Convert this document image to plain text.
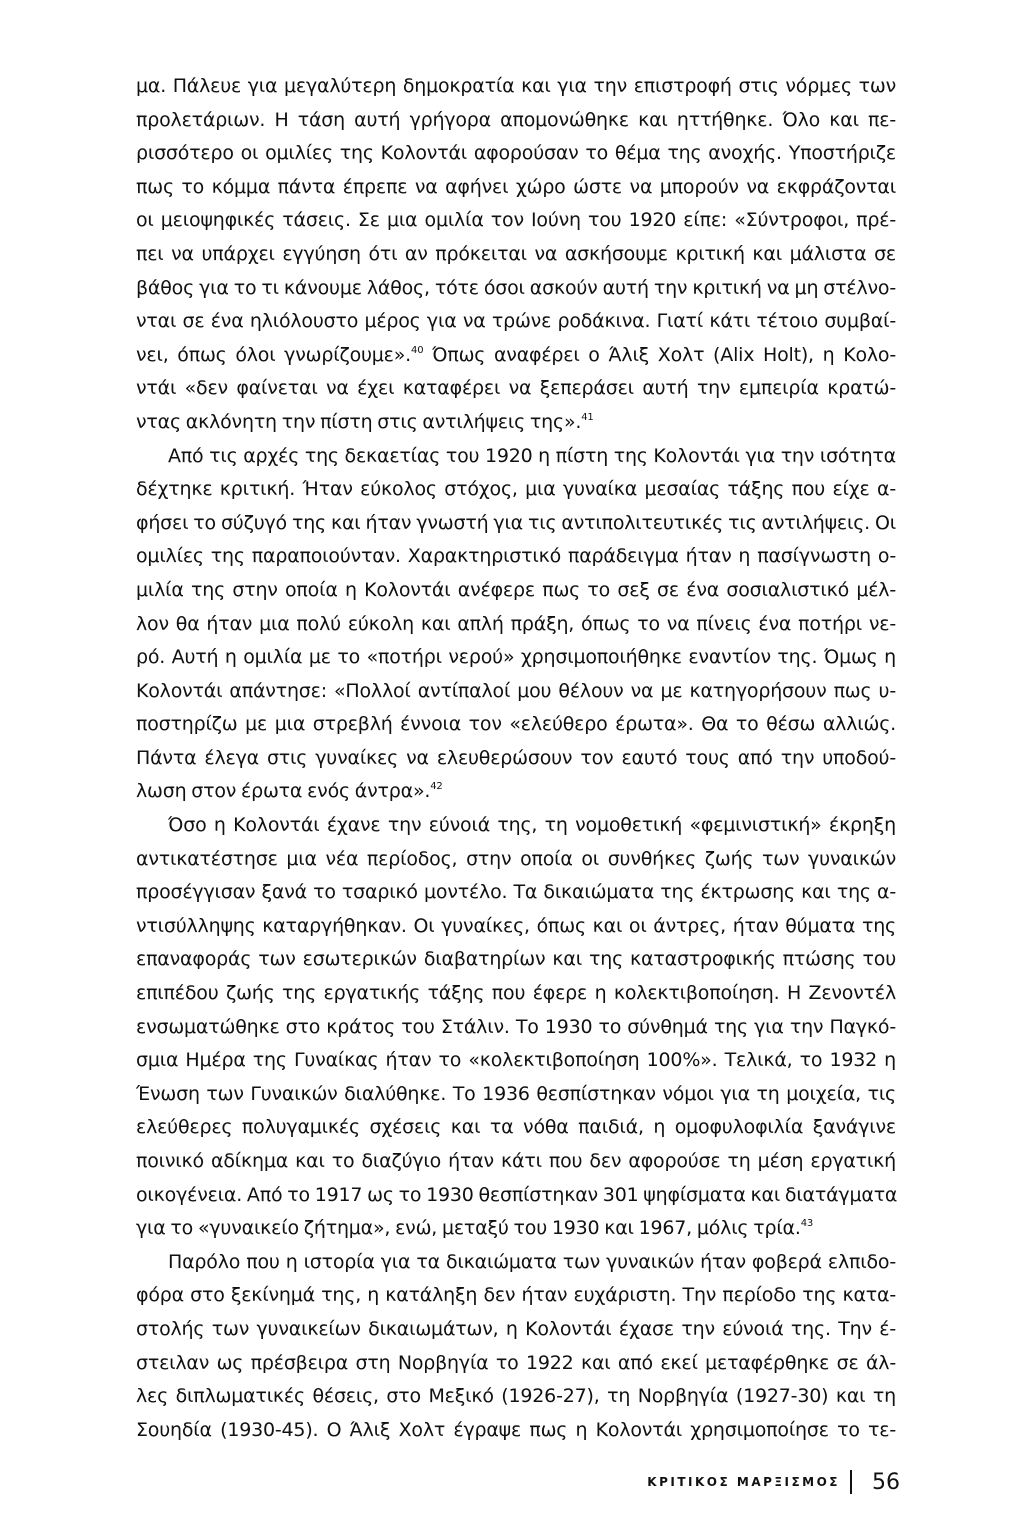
μα. Πάλευε για μεγαλύτερη δημοκρατία και για την επιστροφή στις νόρμες των
προλετάριων. Η τάση αυτή γρήγορα απομονώθηκε και ηττήθηκε. Όλο και πε-
ρισσότερο οι ομιλίες της Κολοντάι αφορούσαν το θέμα της ανοχής. Υποστήριζε
πως το κόμμα πάντα έπρεπε να αφήνει χώρο ώστε να μπορούν να εκφράζονται
οι μειοψηφικές τάσεις. Σε μια ομιλία τον Ιούνη του 1920 είπε: «Σύντροφοι, πρέ-
πει να υπάρχει εγγύηση ότι αν πρόκειται να ασκήσουμε κριτική και μάλιστα σε
βάθος για το τι κάνουμε λάθος, τότε όσοι ασκούν αυτή την κριτική να μη στέλνο-
νται σε ένα ηλιόλουστο μέρος για να τρώνε ροδάκινα. Γιατί κάτι τέτοιο συμβαί-
νει, όπως όλοι γνωρίζουμε».$^{40}$ Όπως αναφέρει ο Άλιξ Χολτ (Alix Holt), η Κολο-
ντάι «δεν φαίνεται να έχει καταφέρει να ξεπεράσει αυτή την εμπειρία κρατώ-
ντας ακλόνητη την πίστη στις αντιλήψεις της».$^{41}$
Από τις αρχές της δεκαετίας του 1920 η πίστη της Κολοντάι για την ισότητα
δέχτηκε κριτική. Ήταν εύκολος στόχος, μια γυναίκα μεσαίας τάξης που είχε α-
φήσει το σύζυγό της και ήταν γνωστή για τις αντιπολιτευτικές τις αντιλήψεις. Οι
ομιλίες της παραποιούνταν. Χαρακτηριστικό παράδειγμα ήταν η πασίγνωστη ο-
μιλία της στην οποία η Κολοντάι ανέφερε πως το σεξ σε ένα σοσιαλιστικό μέλ-
λον θα ήταν μια πολύ εύκολη και απλή πράξη, όπως το να πίνεις ένα ποτήρι νε-
ρό. Αυτή η ομιλία με το «ποτήρι νερού» χρησιμοποιήθηκε εναντίον της. Όμως η
Κολοντάι απάντησε: «Πολλοί αντίπαλοί μου θέλουν να με κατηγορήσουν πως υ-
ποστηρίζω με μια στρεβλή έννοια τον «ελεύθερο έρωτα». Θα το θέσω αλλιώς.
Πάντα έλεγα στις γυναίκες να ελευθερώσουν τον εαυτό τους από την υποδού-
λωση στον έρωτα ενός άντρα».$^{42}$
Όσο η Κολοντάι έχανε την εύνοιά της, τη νομοθετική «φεμινιστική» έκρηξη
αντικατέστησε μια νέα περίοδος, στην οποία οι συνθήκες ζωής των γυναικών
προσέγγισαν ξανά το τσαρικό μοντέλο. Τα δικαιώματα της έκτρωσης και της α-
ντισύλληψης καταργήθηκαν. Οι γυναίκες, όπως και οι άντρες, ήταν θύματα της
επαναφοράς των εσωτερικών διαβατηρίων και της καταστροφικής πτώσης του
επιπέδου ζωής της εργατικής τάξης που έφερε η κολεκτιβοποίηση. Η Ζενοντέλ
ενσωματώθηκε στο κράτος του Στάλιν. Το 1930 το σύνθημά της για την Παγκό-
σμια Ημέρα της Γυναίκας ήταν το «κολεκτιβοποίηση 100%». Τελικά, το 1932 η
Ένωση των Γυναικών διαλύθηκε. Το 1936 θεσπίστηκαν νόμοι για τη μοιχεία, τις
ελεύθερες πολυγαμικές σχέσεις και τα νόθα παιδιά, η ομοφυλοφιλία ξανάγινε
ποινικό αδίκημα και το διαζύγιο ήταν κάτι που δεν αφορούσε τη μέση εργατική
οικογένεια. Από το 1917 ως το 1930 θεσπίστηκαν 301 ψηφίσματα και διατάγματα
για το «γυναικείο ζήτημα», ενώ, μεταξύ του 1930 και 1967, μόλις τρία.$^{43}$
Παρόλο που η ιστορία για τα δικαιώματα των γυναικών ήταν φοβερά ελπιδο-
φόρα στο ξεκίνημά της, η κατάληξη δεν ήταν ευχάριστη. Την περίοδο της κατα-
στολής των γυναικείων δικαιωμάτων, η Κολοντάι έχασε την εύνοιά της. Την έ-
στειλαν ως πρέσβειρα στη Νορβηγία το 1922 και από εκεί μεταφέρθηκε σε άλ-
λες διπλωματικές θέσεις, στο Μεξικό (1926-27), τη Νορβηγία (1927-30) και τη
Σουηδία (1930-45). Ο Άλιξ Χολτ έγραψε πως η Κολοντάι χρησιμοποίησε το τε-
ΚΡΙΤΙΚΟΣ ΜΑΡΞΙΣΜΟΣ 56
